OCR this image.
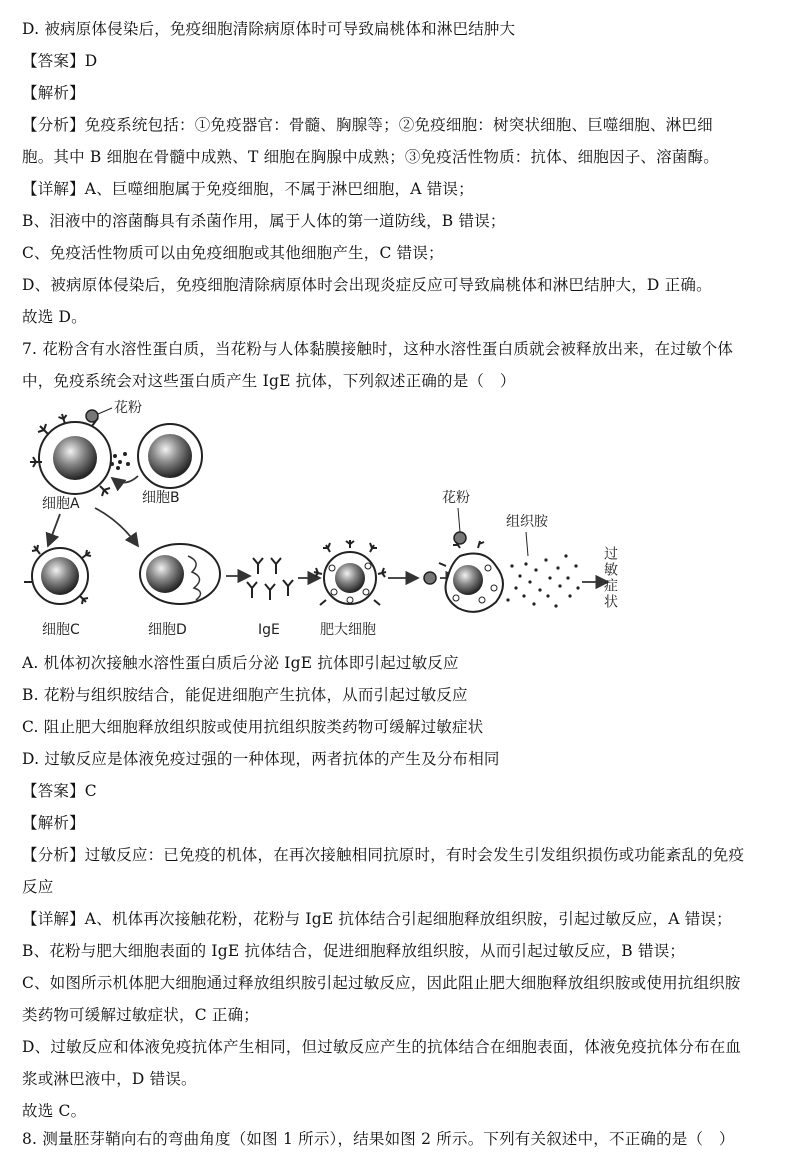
D. 被病原体侵染后，免疫细胞清除病原体时可导致扁桃体和淋巴结肿大
【答案】D
【解析】
【分析】免疫系统包括：①免疫器官：骨髓、胸腺等；②免疫细胞：树突状细胞、巨噬细胞、淋巴细
胞。其中 B 细胞在骨髓中成熟、T 细胞在胸腺中成熟；③免疫活性物质：抗体、细胞因子、溶菌酶。
【详解】A、巨噬细胞属于免疫细胞，不属于淋巴细胞，A 错误；
B、泪液中的溶菌酶具有杀菌作用，属于人体的第一道防线，B 错误；
C、免疫活性物质可以由免疫细胞或其他细胞产生，C 错误；
D、被病原体侵染后，免疫细胞清除病原体时会出现炎症反应可导致扁桃体和淋巴结肿大，D 正确。
故选 D。
7. 花粉含有水溶性蛋白质，当花粉与人体黏膜接触时，这种水溶性蛋白质就会被释放出来，在过敏个体
中，免疫系统会对这些蛋白质产生 IgE 抗体，下列叙述正确的是（　）
花粉
细胞A	细胞B
细胞C	细胞D	IgE	肥大细胞
花粉
组织胺
过敏症状
A. 机体初次接触水溶性蛋白质后分泌 IgE 抗体即引起过敏反应
B. 花粉与组织胺结合，能促进细胞产生抗体，从而引起过敏反应
C. 阻止肥大细胞释放组织胺或使用抗组织胺类药物可缓解过敏症状
D. 过敏反应是体液免疫过强的一种体现，两者抗体的产生及分布相同
【答案】C
【解析】
【分析】过敏反应：已免疫的机体，在再次接触相同抗原时，有时会发生引发组织损伤或功能紊乱的免疫
反应
【详解】A、机体再次接触花粉，花粉与 IgE 抗体结合引起细胞释放组织胺，引起过敏反应，A 错误；
B、花粉与肥大细胞表面的 IgE 抗体结合，促进细胞释放组织胺，从而引起过敏反应，B 错误；
C、如图所示机体肥大细胞通过释放组织胺引起过敏反应，因此阻止肥大细胞释放组织胺或使用抗组织胺
类药物可缓解过敏症状，C 正确；
D、过敏反应和体液免疫抗体产生相同，但过敏反应产生的抗体结合在细胞表面，体液免疫抗体分布在血
浆或淋巴液中，D 错误。
故选 C。
8. 测量胚芽鞘向右的弯曲角度（如图 1 所示），结果如图 2 所示。下列有关叙述中，不正确的是（　）
